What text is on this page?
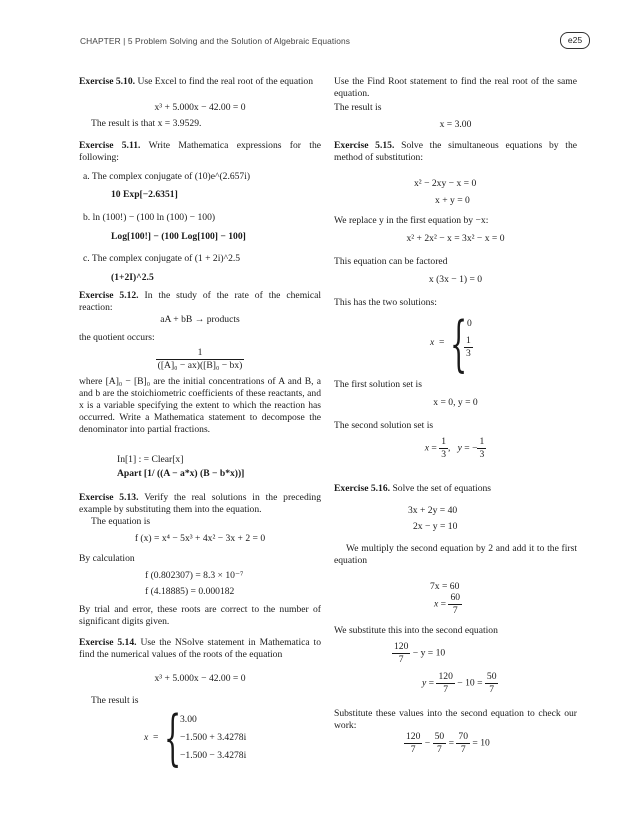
CHAPTER | 5 Problem Solving and the Solution of Algebraic Equations	e25
Exercise 5.10. Use Excel to find the real root of the equation
x³ + 5.000x − 42.00 = 0
The result is that x = 3.9529.
Exercise 5.11. Write Mathematica expressions for the following:
a. The complex conjugate of (10)e^(2.657i)
10 Exp[−2.6351]
b. ln (100!) − (100 ln (100) − 100)
Log[100!] − (100 Log[100] − 100]
c. The complex conjugate of (1 + 2i)^2.5
(1+2I)^2.5
Exercise 5.12. In the study of the rate of the chemical reaction:
aA + bB → products
the quotient occurs:
$\frac{1}{\text{([A]₀ − ax)([B]₀ − bx)}}$
where [A]₀ − [B]₀ are the initial concentrations of A and B, a and b are the stoichiometric coefficients of these reactants, and x is a variable specifying the extent to which the reaction has occurred. Write a Mathematica statement to decompose the denominator into partial fractions.
In[1] : = Clear[x]
Apart [1/ ((A − a*x) (B − b*x))]
Exercise 5.13. Verify the real solutions in the preceding example by substituting them into the equation.
The equation is
f (x) = x⁴ − 5x³ + 4x² − 3x + 2 = 0
By calculation
f (0.802307) = 8.3 × 10⁻⁷
f (4.18885) = 0.000182
By trial and error, these roots are correct to the number of significant digits given.
Exercise 5.14. Use the NSolve statement in Mathematica to find the numerical values of the roots of the equation
x³ + 5.000x − 42.00 = 0
The result is
x = {
3.00
−1.500 + 3.4278i
−1.500 − 3.4278i
Use the Find Root statement to find the real root of the same equation.
The result is
x = 3.00
Exercise 5.15. Solve the simultaneous equations by the method of substitution:
x² − 2xy − x = 0
x + y = 0
We replace y in the first equation by −x:
x² + 2x² − x = 3x² − x = 0
This equation can be factored
x (3x − 1) = 0
This has the two solutions:
x = { 0
$\frac{1}{3}$
The first solution set is
x = 0, y = 0
The second solution set is
$x = \frac{1}{3}$ ,   y = − $\frac{1}{3}$
Exercise 5.16. Solve the set of equations
3x + 2y = 40
2x − y = 10
We multiply the second equation by 2 and add it to the first equation
7x = 60
$x = \frac{60}{7}$
We substitute this into the second equation
$\frac{120}{7} - y = 10$
$y = \frac{120}{7} - 10 = \frac{50}{7}$
Substitute these values into the second equation to check our work:
$\frac{120}{7} - \frac{50}{7} = \frac{70}{7} = 10$
